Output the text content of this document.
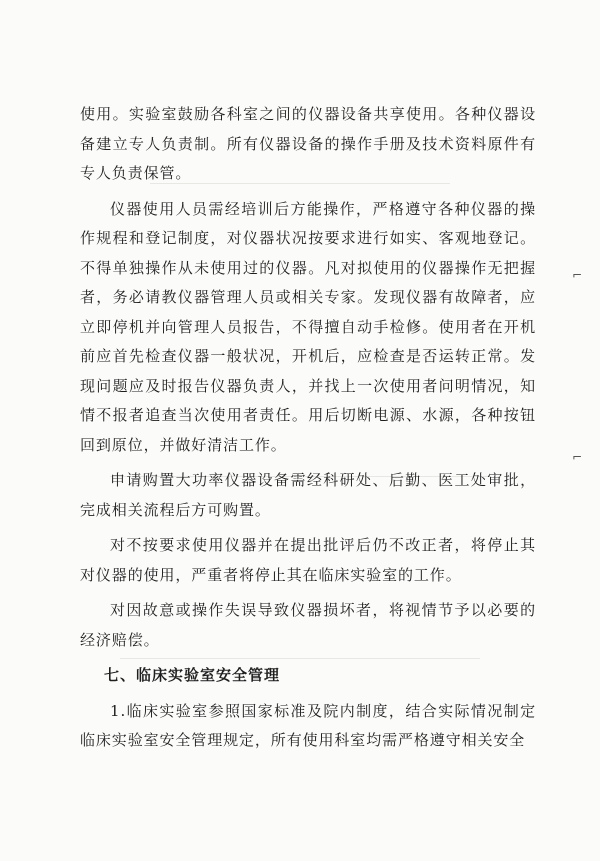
⌐
⌐

使用。实验室鼓励各科室之间的仪器设备共享使用。各种仪器设备建立专人负责制。所有仪器设备的操作手册及技术资料原件有专人负责保管。

仪器使用人员需经培训后方能操作，严格遵守各种仪器的操作规程和登记制度，对仪器状况按要求进行如实、客观地登记。不得单独操作从未使用过的仪器。凡对拟使用的仪器操作无把握者，务必请教仪器管理人员或相关专家。发现仪器有故障者，应立即停机并向管理人员报告，不得擅自动手检修。使用者在开机前应首先检查仪器一般状况，开机后，应检查是否运转正常。发现问题应及时报告仪器负责人，并找上一次使用者问明情况，知情不报者追查当次使用者责任。用后切断电源、水源，各种按钮回到原位，并做好清洁工作。

申请购置大功率仪器设备需经科研处、后勤、医工处审批，完成相关流程后方可购置。

对不按要求使用仪器并在提出批评后仍不改正者，将停止其对仪器的使用，严重者将停止其在临床实验室的工作。

对因故意或操作失误导致仪器损坏者，将视情节予以必要的经济赔偿。

七、临床实验室安全管理

1.临床实验室参照国家标准及院内制度，结合实际情况制定临床实验室安全管理规定，所有使用科室均需严格遵守相关安全
